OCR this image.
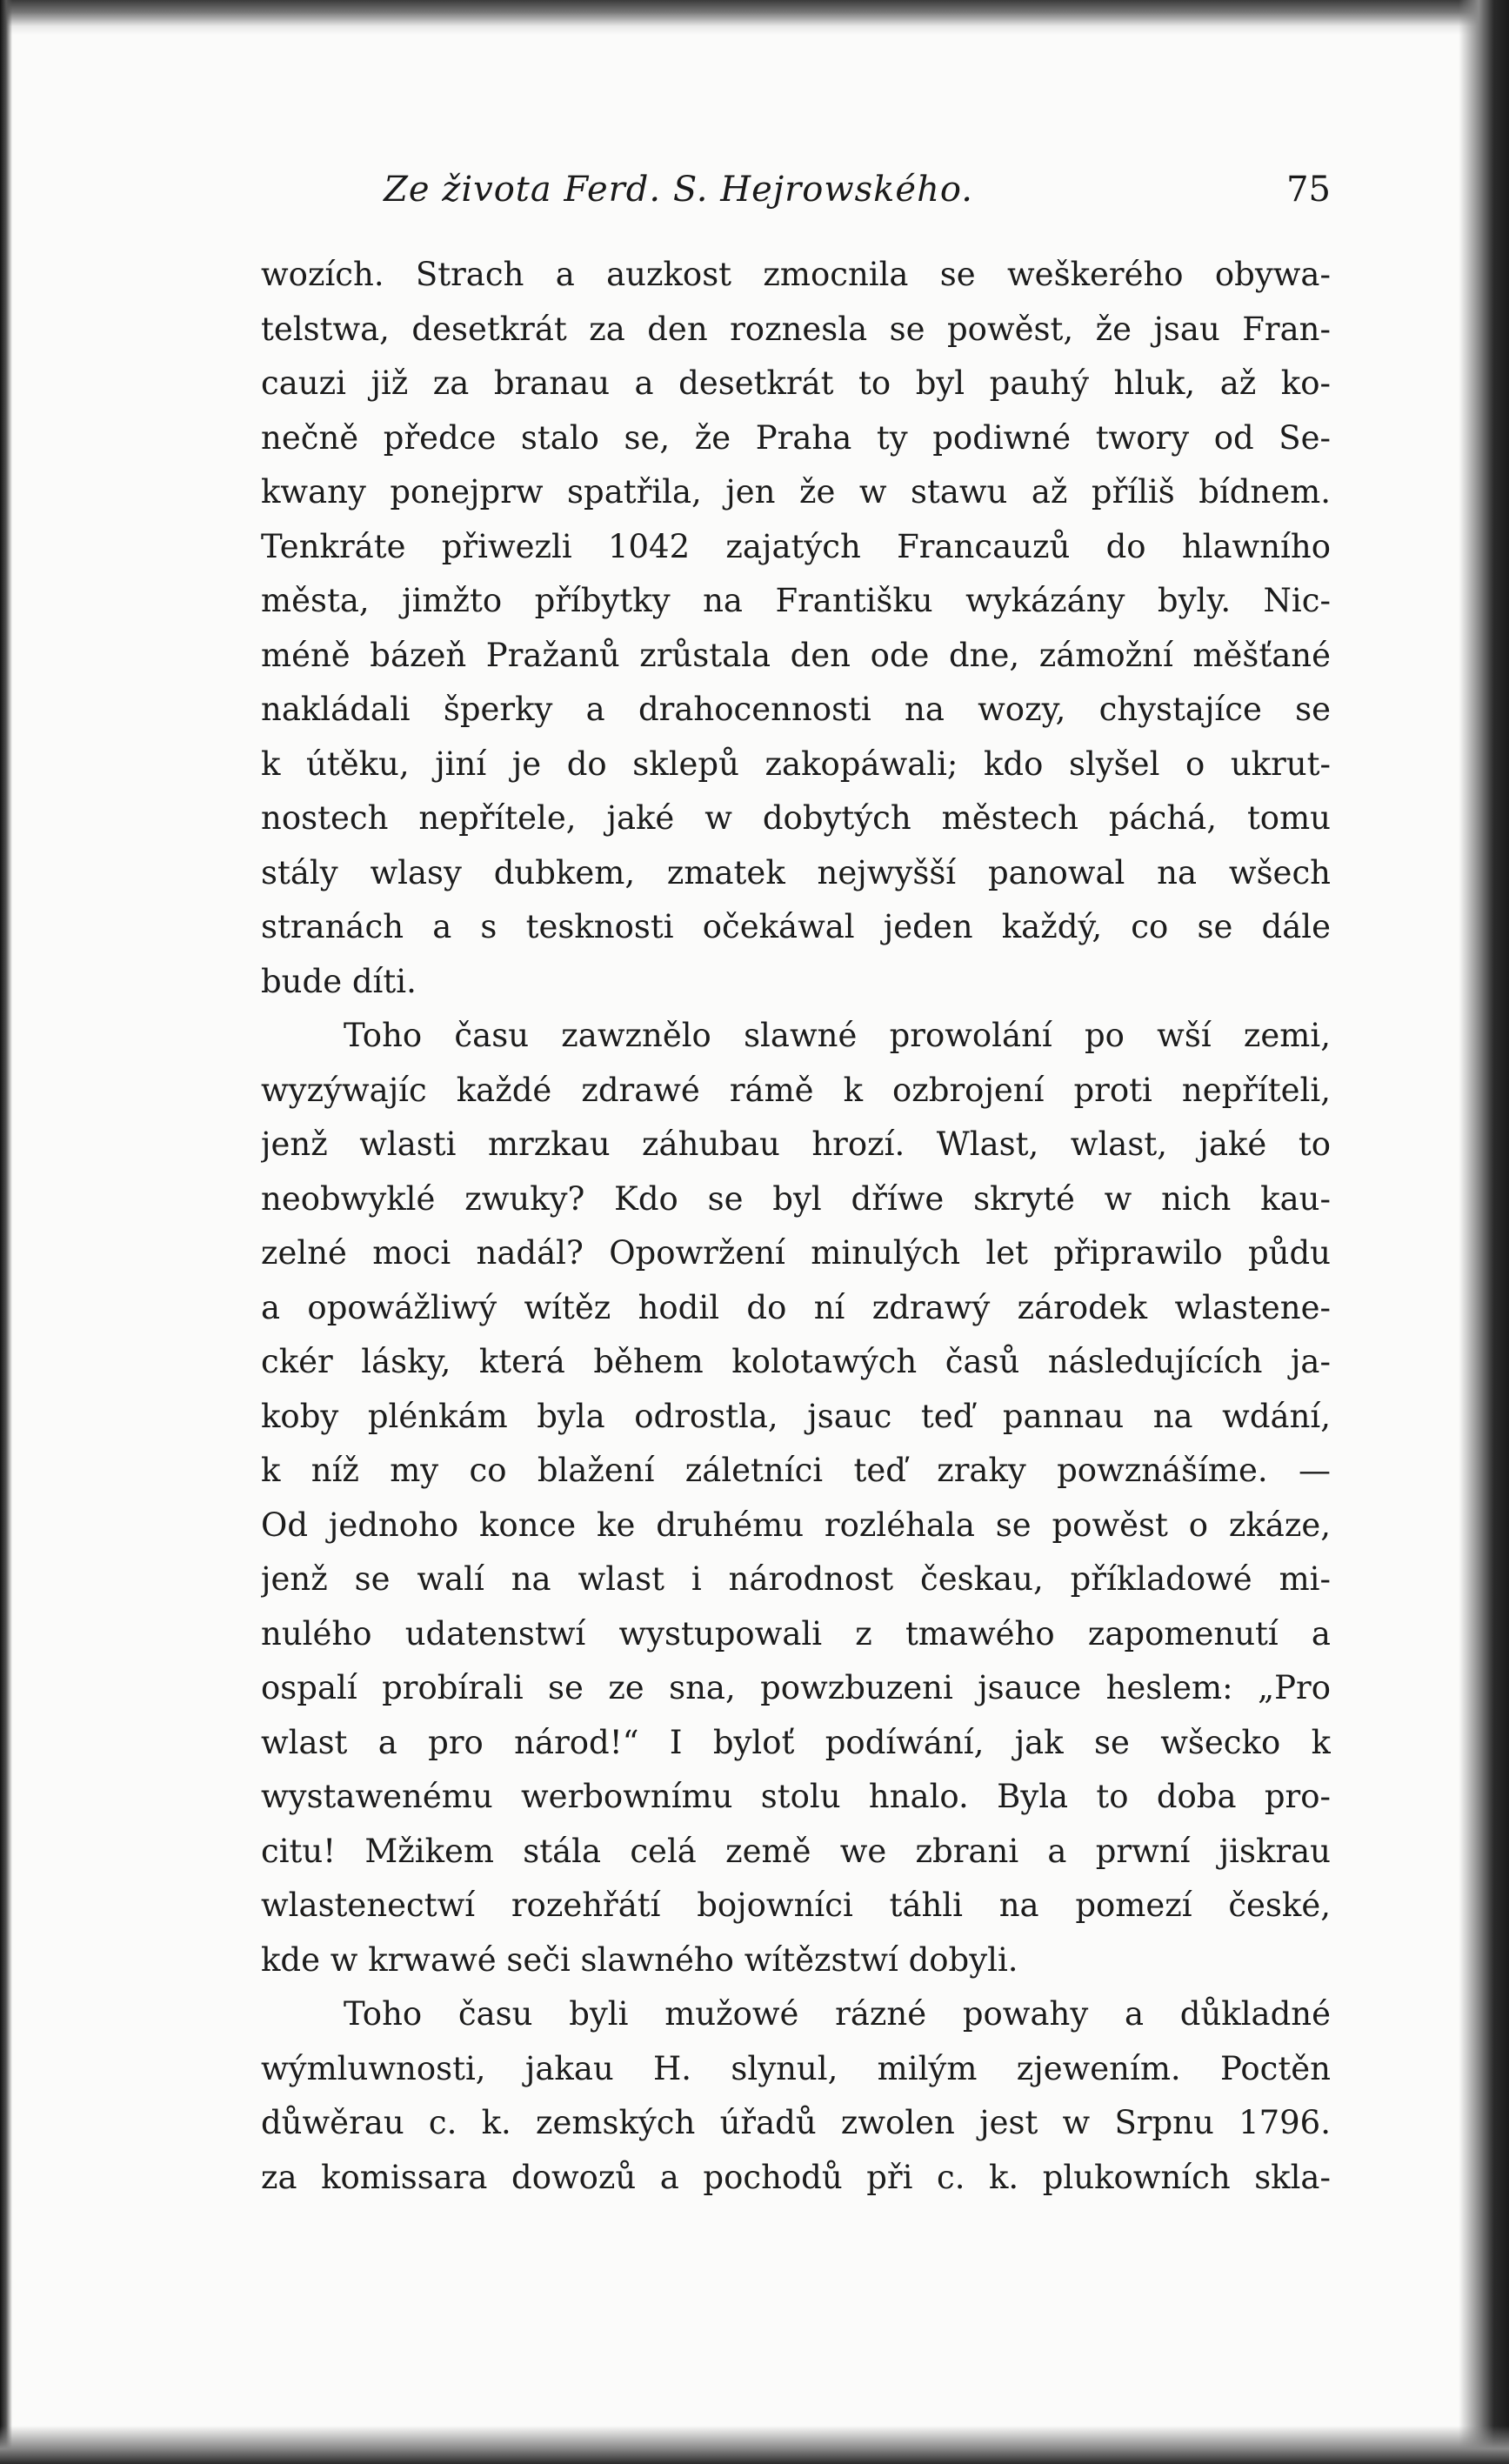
Ze života Ferd. S. Hejrowského.	75
wozích. Strach a auzkost zmocnila se weškerého obywa-
telstwa, desetkrát za den roznesla se powěst, že jsau Fran-
cauzi již za branau a desetkrát to byl pauhý hluk, až ko-
nečně předce stalo se, že Praha ty podiwné twory od Se-
kwany ponejprw spatřila, jen že w stawu až příliš bídnem.
Tenkráte přiwezli 1042 zajatých Francauzů do hlawního
města, jimžto příbytky na Františku wykázány byly. Nic-
méně bázeň Pražanů zrůstala den ode dne, zámožní měšťané
nakládali šperky a drahocennosti na wozy, chystajíce se
k útěku, jiní je do sklepů zakopáwali; kdo slyšel o ukrut-
nostech nepřítele, jaké w dobytých městech páchá, tomu
stály wlasy dubkem, zmatek nejwyšší panowal na wšech
stranách a s tesknosti očekáwal jeden každý, co se dále
bude díti.
Toho času zawznělo slawné prowolání po wší zemi,
wyzýwajíc každé zdrawé rámě k ozbrojení proti nepříteli,
jenž wlasti mrzkau záhubau hrozí. Wlast, wlast, jaké to
neobwyklé zwuky? Kdo se byl dříwe skryté w nich kau-
zelné moci nadál? Opowržení minulých let připrawilo půdu
a opowážliwý wítěz hodil do ní zdrawý zárodek wlastene-
ckér lásky, která během kolotawých časů následujících ja-
koby plénkám byla odrostla, jsauc teď pannau na wdání,
k níž my co blažení záletníci teď zraky powznášíme. —
Od jednoho konce ke druhému rozléhala se powěst o zkáze,
jenž se walí na wlast i národnost českau, příkladowé mi-
nulého udatenstwí wystupowali z tmawého zapomenutí a
ospalí probírali se ze sna, powzbuzeni jsauce heslem: „Pro
wlast a pro národ!“ I byloť podíwání, jak se wšecko k
wystawenému werbownímu stolu hnalo. Byla to doba pro-
citu! Mžikem stála celá země we zbrani a prwní jiskrau
wlastenectwí rozehřátí bojowníci táhli na pomezí české,
kde w krwawé seči slawného wítězstwí dobyli.
Toho času byli mužowé rázné powahy a důkladné
wýmluwnosti, jakau H. slynul, milým zjewením. Poctěn
důwěrau c. k. zemských úřadů zwolen jest w Srpnu 1796.
za komissara dowozů a pochodů při c. k. plukowních skla-
